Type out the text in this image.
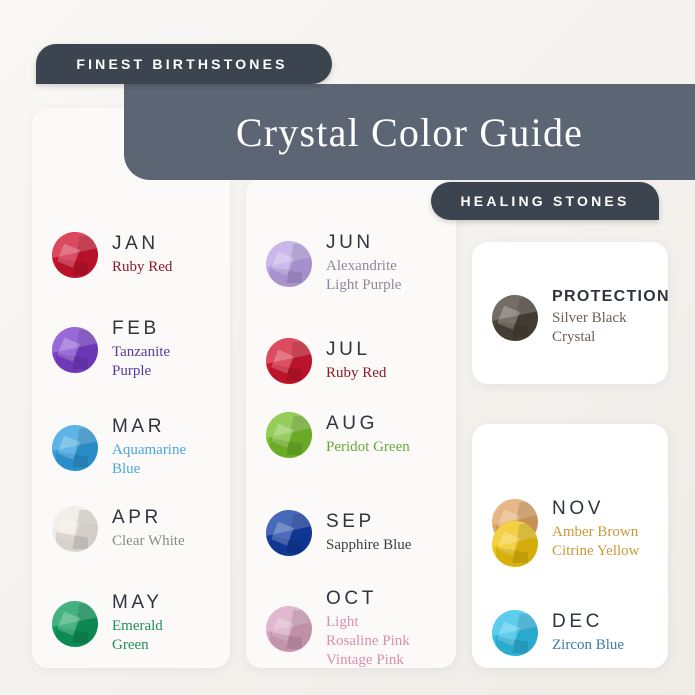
Crystal Color Guide
FINEST BIRTHSTONES
HEALING STONES
JAN
Ruby Red
FEB
Tanzanite
Purple
MAR
Aquamarine
Blue
APR
Clear White
MAY
Emerald
Green
JUN
Alexandrite
Light Purple
JUL
Ruby Red
AUG
Peridot Green
SEP
Sapphire Blue
OCT
Light
Rosaline Pink
Vintage Pink
NOV
Amber Brown
Citrine Yellow
DEC
Zircon Blue
PROTECTION
Silver Black
Crystal
